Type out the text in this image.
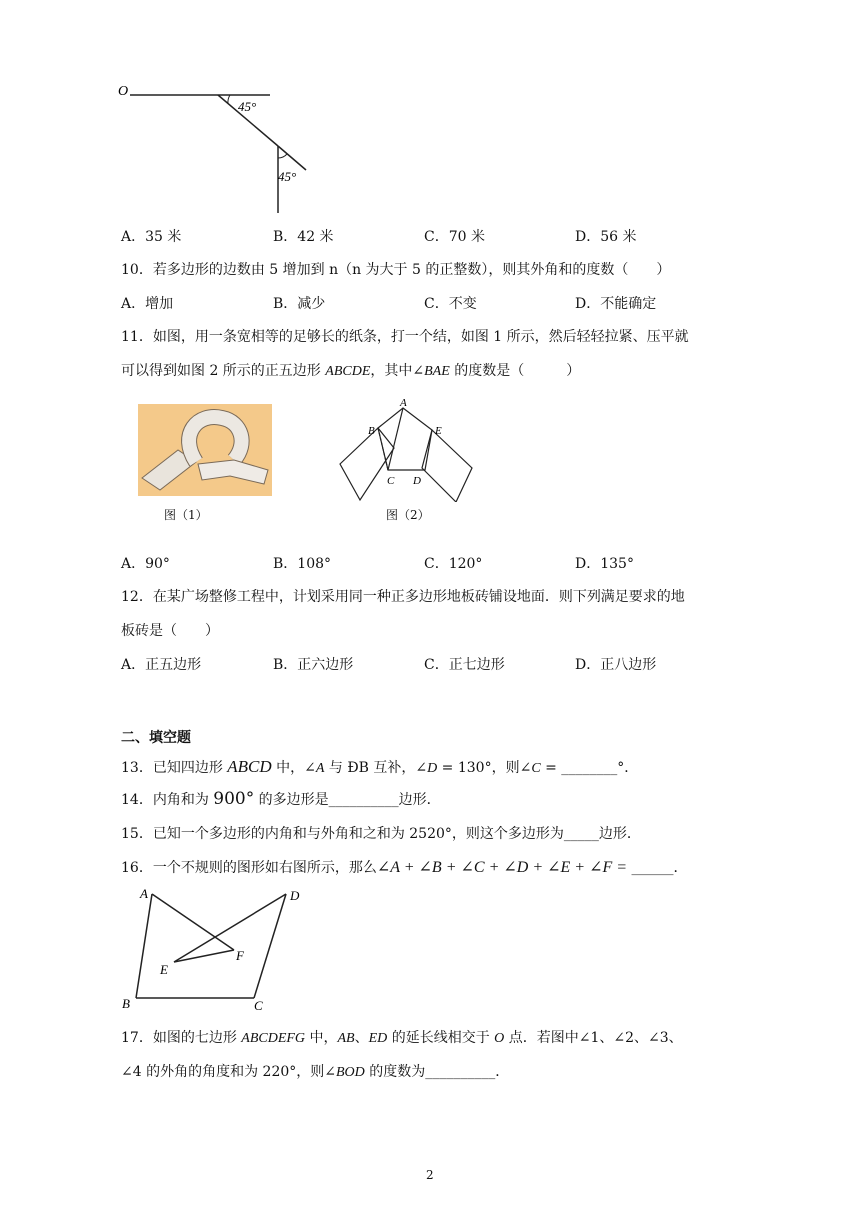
O
45°
45°
A．35 米	B．42 米	C．70 米	D．56 米
10．若多边形的边数由 5 增加到 n（n 为大于 5 的正整数），则其外角和的度数（　　）
A．增加	B．减少	C．不变	D．不能确定
11．如图，用一条宽相等的足够长的纸条，打一个结，如图 1 所示，然后轻轻拉紧、压平就
可以得到如图 2 所示的正五边形 ABCDE，其中∠BAE 的度数是（　　　）
图（1）
A
B
C D
E
图（2）
A．90°	B．108°	C．120°	D．135°
12．在某广场整修工程中，计划采用同一种正多边形地板砖铺设地面．则下列满足要求的地
板砖是（　　）
A．正五边形	B．正六边形	C．正七边形	D．正八边形
二、填空题
13．已知四边形 ABCD 中，∠A 与 ÐB 互补，∠D = 130°，则∠C = ________°．
14．内角和为 900° 的多边形是__________边形．
15．已知一个多边形的内角和与外角和之和为 2520°，则这个多边形为_____边形．
16．一个不规则的图形如右图所示，那么∠A + ∠B + ∠C + ∠D + ∠E + ∠F = ______．
A
B	C
D
E
F
17．如图的七边形 ABCDEFG 中，AB、ED 的延长线相交于 O 点．若图中∠1、∠2、∠3、
∠4 的外角的角度和为 220°，则∠BOD 的度数为__________．
2
